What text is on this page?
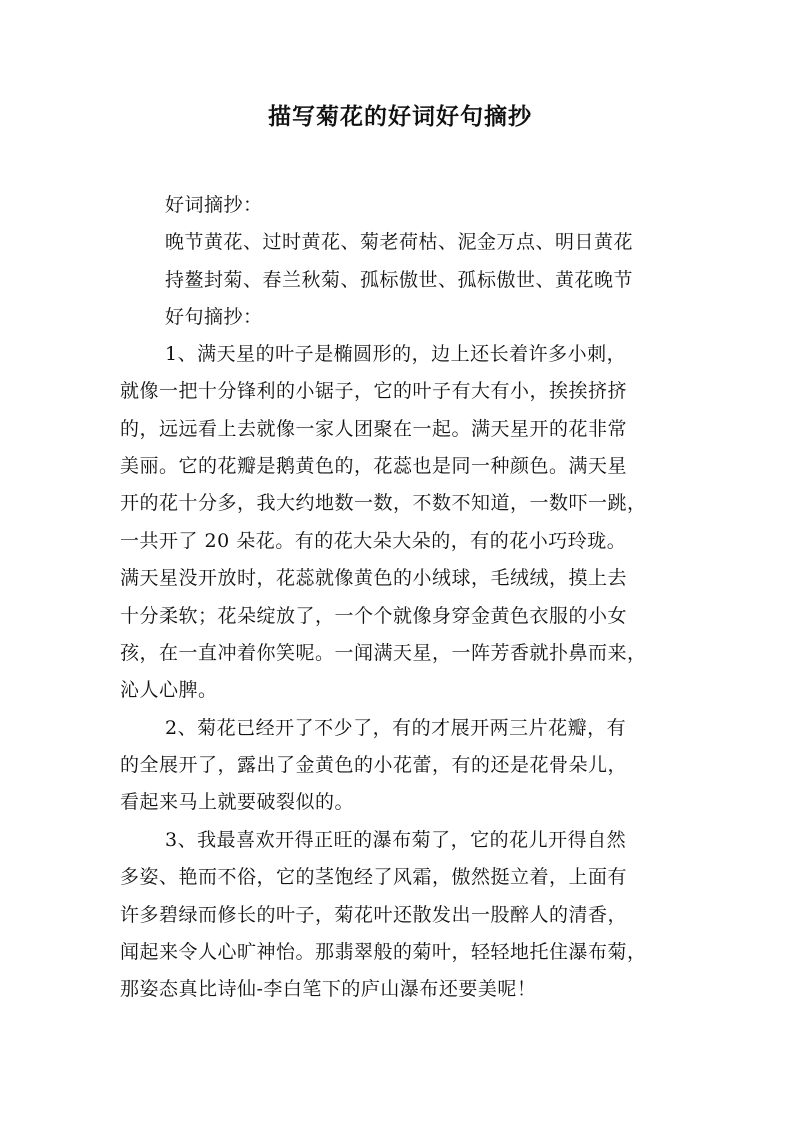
描写菊花的好词好句摘抄

好词摘抄：

晚节黄花、过时黄花、菊老荷枯、泥金万点、明日黄花

持鳌封菊、春兰秋菊、孤标傲世、孤标傲世、黄花晚节

好句摘抄：

1、满天星的叶子是椭圆形的，边上还长着许多小刺，

就像一把十分锋利的小锯子，它的叶子有大有小，挨挨挤挤

的，远远看上去就像一家人团聚在一起。满天星开的花非常

美丽。它的花瓣是鹅黄色的，花蕊也是同一种颜色。满天星

开的花十分多，我大约地数一数，不数不知道，一数吓一跳，

一共开了 20 朵花。有的花大朵大朵的，有的花小巧玲珑。

满天星没开放时，花蕊就像黄色的小绒球，毛绒绒，摸上去

十分柔软；花朵绽放了，一个个就像身穿金黄色衣服的小女

孩，在一直冲着你笑呢。一闻满天星，一阵芳香就扑鼻而来，

沁人心脾。

2、菊花已经开了不少了，有的才展开两三片花瓣，有

的全展开了，露出了金黄色的小花蕾，有的还是花骨朵儿，

看起来马上就要破裂似的。

3、我最喜欢开得正旺的瀑布菊了，它的花儿开得自然

多姿、艳而不俗，它的茎饱经了风霜，傲然挺立着，上面有

许多碧绿而修长的叶子，菊花叶还散发出一股醉人的清香，

闻起来令人心旷神怡。那翡翠般的菊叶，轻轻地托住瀑布菊，

那姿态真比诗仙-李白笔下的庐山瀑布还要美呢！
